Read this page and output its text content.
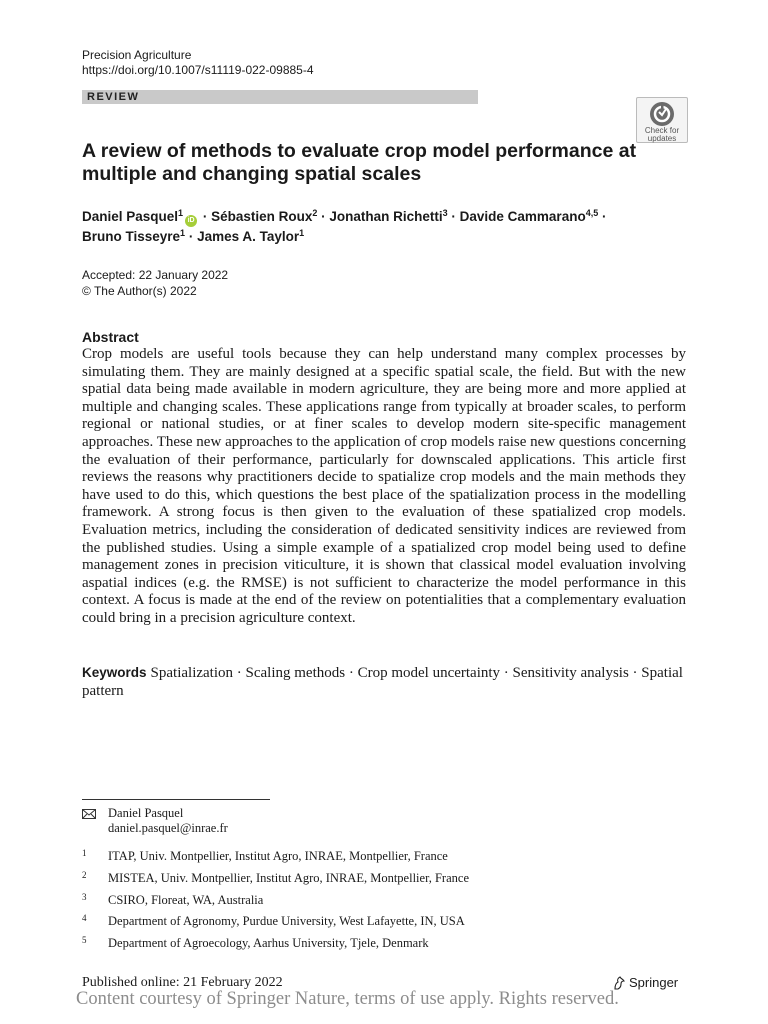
Precision Agriculture
https://doi.org/10.1007/s11119-022-09885-4
REVIEW
Check for
updates
A review of methods to evaluate crop model performance at multiple and changing spatial scales
Daniel Pasquel$^1$iD · Sébastien Roux$^2$ · Jonathan Richetti$^3$ · Davide Cammarano$^{4,5}$ ·
Bruno Tisseyre$^1$ · James A. Taylor$^1$
Accepted: 22 January 2022
© The Author(s) 2022
Abstract
Crop models are useful tools because they can help understand many complex processes by simulating them. They are mainly designed at a specific spatial scale, the field. But with the new spatial data being made available in modern agriculture, they are being more and more applied at multiple and changing scales. These applications range from typically at broader scales, to perform regional or national studies, or at finer scales to develop modern site-specific management approaches. These new approaches to the application of crop models raise new questions concerning the evaluation of their performance, particularly for downscaled applications. This article first reviews the reasons why practitioners decide to spatialize crop models and the main methods they have used to do this, which questions the best place of the spatialization process in the modelling framework. A strong focus is then given to the evaluation of these spatialized crop models. Evaluation metrics, including the consideration of dedicated sensitivity indices are reviewed from the published studies. Using a simple example of a spatialized crop model being used to define management zones in precision viticulture, it is shown that classical model evaluation involving aspatial indices (e.g. the RMSE) is not sufficient to characterize the model performance in this context. A focus is made at the end of the review on potentialities that a complementary evaluation could bring in a precision agriculture context.
Keywords Spatialization · Scaling methods · Crop model uncertainty · Sensitivity analysis · Spatial pattern
Daniel Pasquel
daniel.pasquel@inrae.fr
1 ITAP, Univ. Montpellier, Institut Agro, INRAE, Montpellier, France
2 MISTEA, Univ. Montpellier, Institut Agro, INRAE, Montpellier, France
3 CSIRO, Floreat, WA, Australia
4 Department of Agronomy, Purdue University, West Lafayette, IN, USA
5 Department of Agroecology, Aarhus University, Tjele, Denmark
Published online: 21 February 2022	Springer
Content courtesy of Springer Nature, terms of use apply. Rights reserved.
